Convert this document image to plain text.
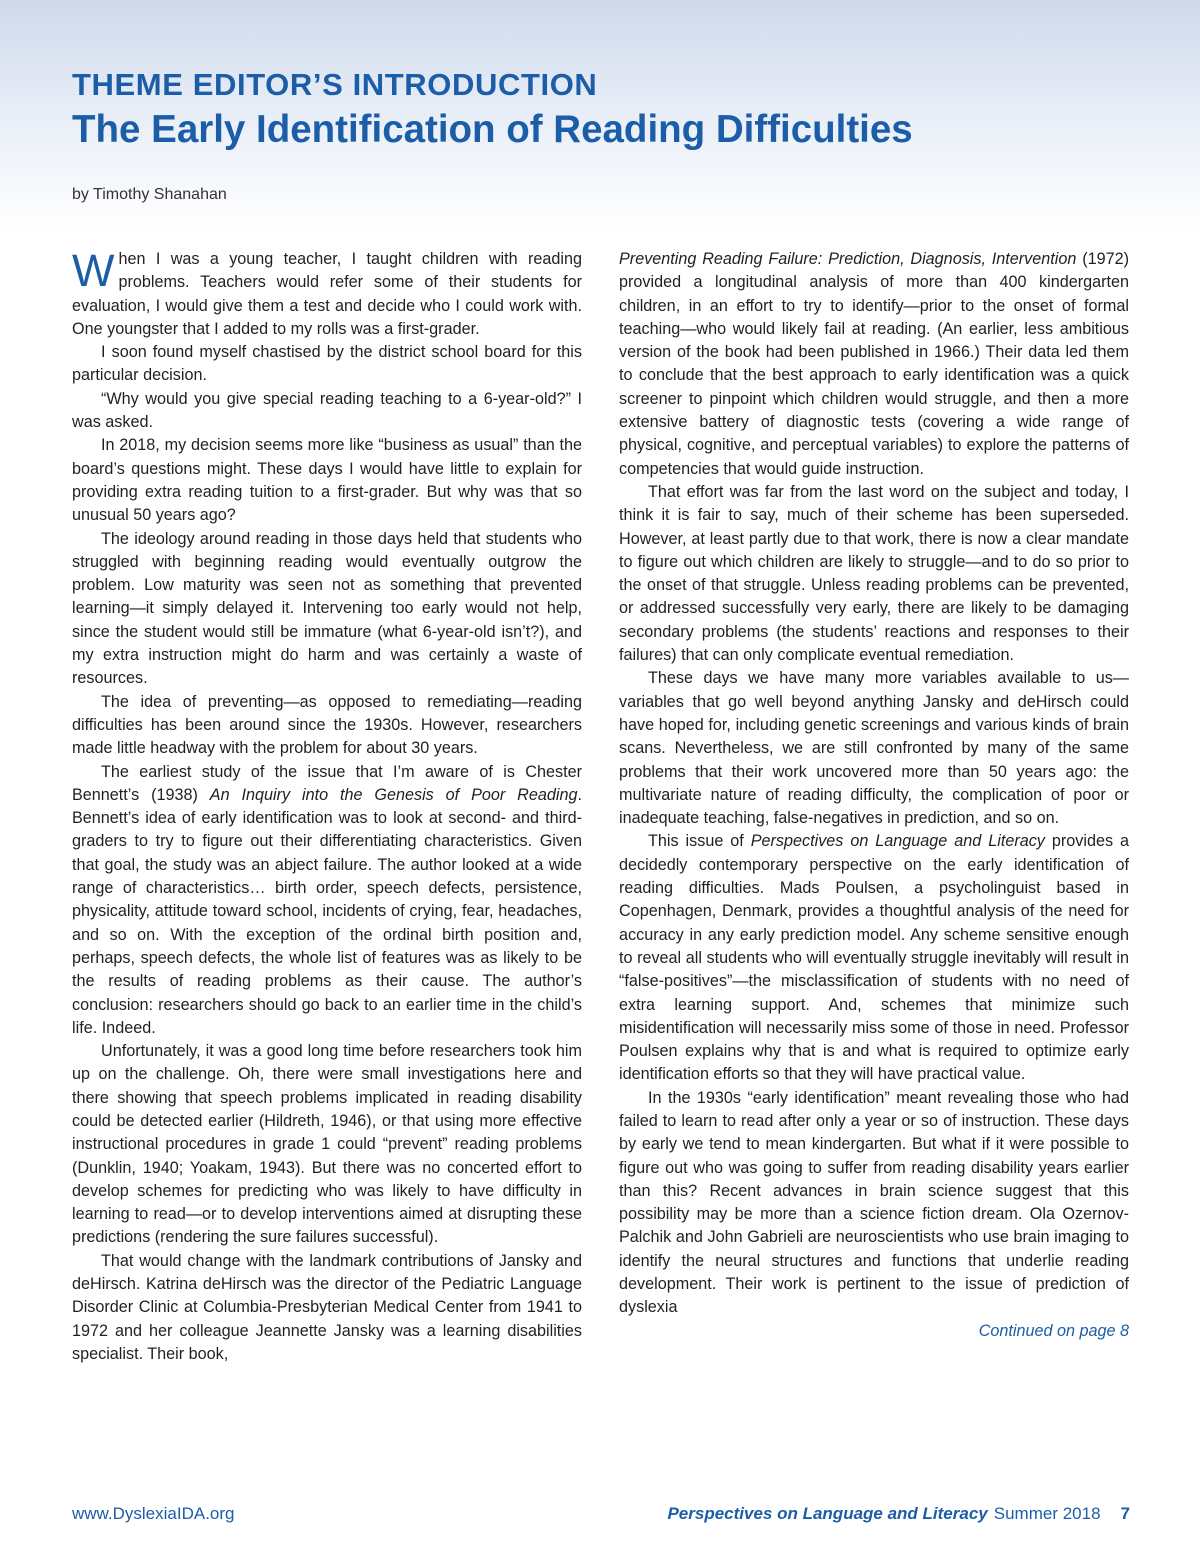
THEME EDITOR’S INTRODUCTION

The Early Identification of Reading Difficulties

by Timothy Shanahan

When I was a young teacher, I taught children with reading problems. Teachers would refer some of their students for evaluation, I would give them a test and decide who I could work with. One youngster that I added to my rolls was a first-grader.

I soon found myself chastised by the district school board for this particular decision.

“Why would you give special reading teaching to a 6-year-old?” I was asked.

In 2018, my decision seems more like “business as usual” than the board’s questions might. These days I would have little to explain for providing extra reading tuition to a first-grader. But why was that so unusual 50 years ago?

The ideology around reading in those days held that students who struggled with beginning reading would eventually outgrow the problem. Low maturity was seen not as something that prevented learning—it simply delayed it. Intervening too early would not help, since the student would still be immature (what 6-year-old isn’t?), and my extra instruction might do harm and was certainly a waste of resources.

The idea of preventing—as opposed to remediating—reading difficulties has been around since the 1930s. However, researchers made little headway with the problem for about 30 years.

The earliest study of the issue that I’m aware of is Chester Bennett’s (1938) An Inquiry into the Genesis of Poor Reading. Bennett’s idea of early identification was to look at second- and third-graders to try to figure out their differentiating characteristics. Given that goal, the study was an abject failure. The author looked at a wide range of characteristics… birth order, speech defects, persistence, physicality, attitude toward school, incidents of crying, fear, headaches, and so on. With the exception of the ordinal birth position and, perhaps, speech defects, the whole list of features was as likely to be the results of reading problems as their cause. The author’s conclusion: researchers should go back to an earlier time in the child’s life. Indeed.

Unfortunately, it was a good long time before researchers took him up on the challenge. Oh, there were small investigations here and there showing that speech problems implicated in reading disability could be detected earlier (Hildreth, 1946), or that using more effective instructional procedures in grade 1 could “prevent” reading problems (Dunklin, 1940; Yoakam, 1943). But there was no concerted effort to develop schemes for predicting who was likely to have difficulty in learning to read—or to develop interventions aimed at disrupting these predictions (rendering the sure failures successful).

That would change with the landmark contributions of Jansky and deHirsch. Katrina deHirsch was the director of the Pediatric Language Disorder Clinic at Columbia-Presbyterian Medical Center from 1941 to 1972 and her colleague Jeannette Jansky was a learning disabilities specialist. Their book,

Preventing Reading Failure: Prediction, Diagnosis, Intervention (1972) provided a longitudinal analysis of more than 400 kindergarten children, in an effort to try to identify—prior to the onset of formal teaching—who would likely fail at reading. (An earlier, less ambitious version of the book had been published in 1966.) Their data led them to conclude that the best approach to early identification was a quick screener to pinpoint which children would struggle, and then a more extensive battery of diagnostic tests (covering a wide range of physical, cognitive, and perceptual variables) to explore the patterns of competencies that would guide instruction.

That effort was far from the last word on the subject and today, I think it is fair to say, much of their scheme has been superseded. However, at least partly due to that work, there is now a clear mandate to figure out which children are likely to struggle—and to do so prior to the onset of that struggle. Unless reading problems can be prevented, or addressed successfully very early, there are likely to be damaging secondary problems (the students’ reactions and responses to their failures) that can only complicate eventual remediation.

These days we have many more variables available to us—variables that go well beyond anything Jansky and deHirsch could have hoped for, including genetic screenings and various kinds of brain scans. Nevertheless, we are still confronted by many of the same problems that their work uncovered more than 50 years ago: the multivariate nature of reading difficulty, the complication of poor or inadequate teaching, false-negatives in prediction, and so on.

This issue of Perspectives on Language and Literacy provides a decidedly contemporary perspective on the early identification of reading difficulties. Mads Poulsen, a psycholinguist based in Copenhagen, Denmark, provides a thoughtful analysis of the need for accuracy in any early prediction model. Any scheme sensitive enough to reveal all students who will eventually struggle inevitably will result in “false-positives”—the misclassification of students with no need of extra learning support. And, schemes that minimize such misidentification will necessarily miss some of those in need. Professor Poulsen explains why that is and what is required to optimize early identification efforts so that they will have practical value.

In the 1930s “early identification” meant revealing those who had failed to learn to read after only a year or so of instruction. These days by early we tend to mean kindergarten. But what if it were possible to figure out who was going to suffer from reading disability years earlier than this? Recent advances in brain science suggest that this possibility may be more than a science fiction dream. Ola Ozernov-Palchik and John Gabrieli are neuroscientists who use brain imaging to identify the neural structures and functions that underlie reading development. Their work is pertinent to the issue of prediction of dyslexia

Continued on page 8

www.DyslexiaIDA.org	Perspectives on Language and Literacy Summer 2018 7
